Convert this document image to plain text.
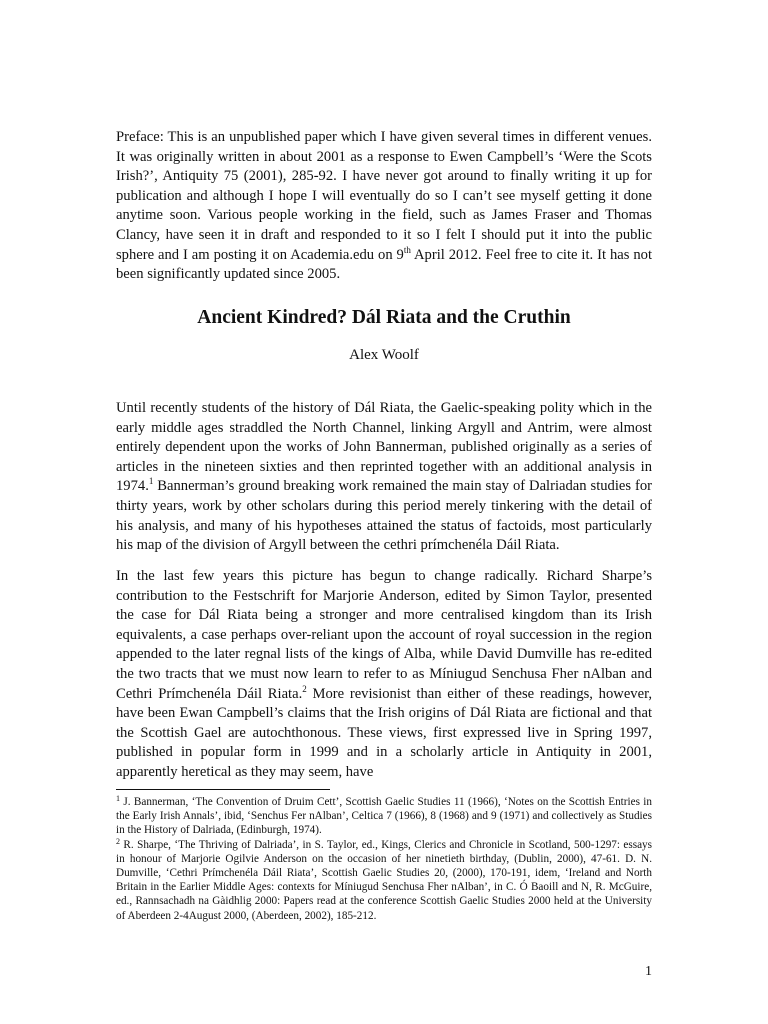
Preface: This is an unpublished paper which I have given several times in different venues. It was originally written in about 2001 as a response to Ewen Campbell’s ‘Were the Scots Irish?’, Antiquity 75 (2001), 285-92. I have never got around to finally writing it up for publication and although I hope I will eventually do so I can’t see myself getting it done anytime soon. Various people working in the field, such as James Fraser and Thomas Clancy, have seen it in draft and responded to it so I felt I should put it into the public sphere and I am posting it on Academia.edu on 9th April 2012. Feel free to cite it. It has not been significantly updated since 2005.

Ancient Kindred? Dál Riata and the Cruthin

Alex Woolf

Until recently students of the history of Dál Riata, the Gaelic-speaking polity which in the early middle ages straddled the North Channel, linking Argyll and Antrim, were almost entirely dependent upon the works of John Bannerman, published originally as a series of articles in the nineteen sixties and then reprinted together with an additional analysis in 1974.$^1$ Bannerman’s ground breaking work remained the main stay of Dalriadan studies for thirty years, work by other scholars during this period merely tinkering with the detail of his analysis, and many of his hypotheses attained the status of factoids, most particularly his map of the division of Argyll between the cethri prímchenéla Dáil Riata.

In the last few years this picture has begun to change radically. Richard Sharpe’s contribution to the Festschrift for Marjorie Anderson, edited by Simon Taylor, presented the case for Dál Riata being a stronger and more centralised kingdom than its Irish equivalents, a case perhaps over-reliant upon the account of royal succession in the region appended to the later regnal lists of the kings of Alba, while David Dumville has re-edited the two tracts that we must now learn to refer to as Míniugud Senchusa Fher nAlban and Cethri Prímchenéla Dáil Riata.$^2$ More revisionist than either of these readings, however, have been Ewan Campbell’s claims that the Irish origins of Dál Riata are fictional and that the Scottish Gael are autochthonous. These views, first expressed live in Spring 1997, published in popular form in 1999 and in a scholarly article in Antiquity in 2001, apparently heretical as they may seem, have

$^1$ J. Bannerman, ‘The Convention of Druim Cett’, Scottish Gaelic Studies 11 (1966), ‘Notes on the Scottish Entries in the Early Irish Annals’, ibid, ‘Senchus Fer nAlban’, Celtica 7 (1966), 8 (1968) and 9 (1971) and collectively as Studies in the History of Dalriada, (Edinburgh, 1974).

$^2$ R. Sharpe, ‘The Thriving of Dalriada’, in S. Taylor, ed., Kings, Clerics and Chronicle in Scotland, 500-1297: essays in honour of Marjorie Ogilvie Anderson on the occasion of her ninetieth birthday, (Dublin, 2000), 47-61. D. N. Dumville, ‘Cethri Prímchenéla Dáil Riata’, Scottish Gaelic Studies 20, (2000), 170-191, idem, ‘Ireland and North Britain in the Earlier Middle Ages: contexts for Míniugud Senchusa Fher nAlban’, in C. Ó Baoill and N, R. McGuire, ed., Rannsachadh na Gàidhlig 2000: Papers read at the conference Scottish Gaelic Studies 2000 held at the University of Aberdeen 2-4August 2000, (Aberdeen, 2002), 185-212.

1
